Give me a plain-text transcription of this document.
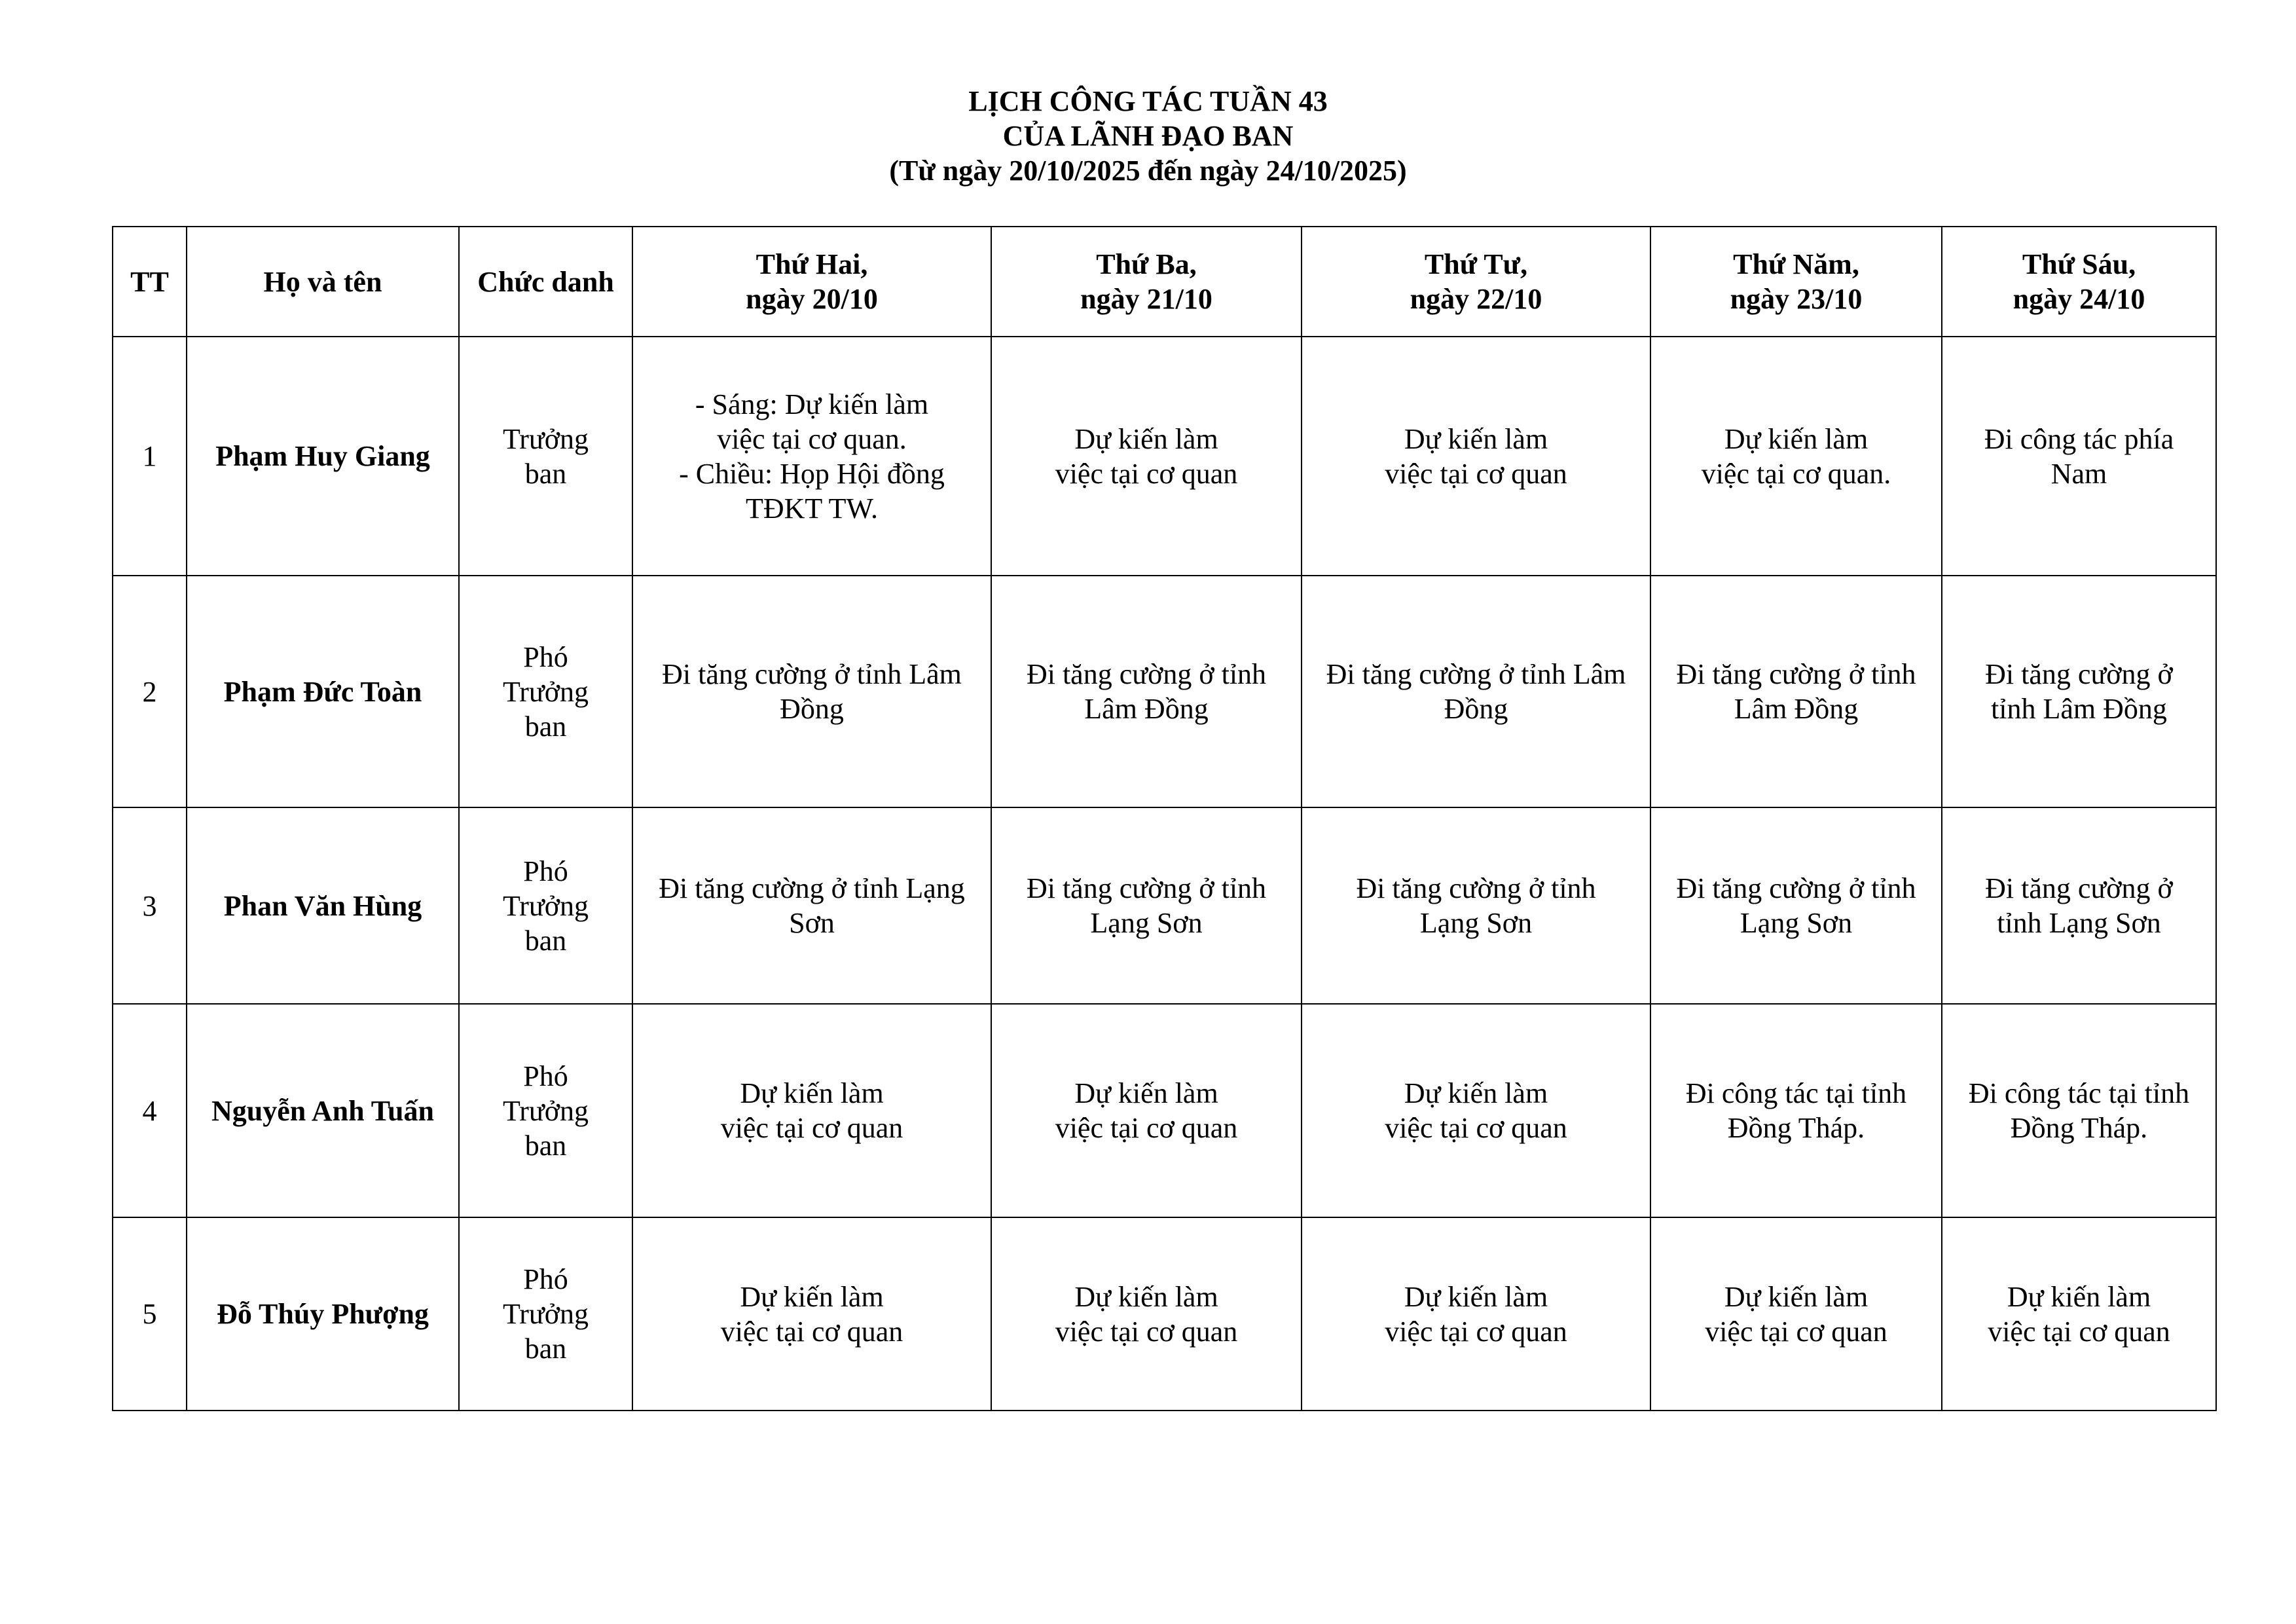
LỊCH CÔNG TÁC TUẦN 43
CỦA LÃNH ĐẠO BAN
(Từ ngày 20/10/2025 đến ngày 24/10/2025)
TT	Họ và tên	Chức danh	Thứ Hai,
ngày 20/10	Thứ Ba,
ngày 21/10	Thứ Tư,
ngày 22/10	Thứ Năm,
ngày 23/10	Thứ Sáu,
ngày 24/10

1	Phạm Huy Giang	Trưởng
ban	- Sáng: Dự kiến làm
việc tại cơ quan.
- Chiều: Họp Hội đồng
TĐKT TW.	Dự kiến làm
việc tại cơ quan	Dự kiến làm
việc tại cơ quan	Dự kiến làm
việc tại cơ quan.	Đi công tác phía
Nam
2	Phạm Đức Toàn	Phó
Trưởng
ban	Đi tăng cường ở tỉnh Lâm
Đồng	Đi tăng cường ở tỉnh
Lâm Đồng	Đi tăng cường ở tỉnh Lâm
Đồng	Đi tăng cường ở tỉnh
Lâm Đồng	Đi tăng cường ở
tỉnh Lâm Đồng
3	Phan Văn Hùng	Phó
Trưởng
ban	Đi tăng cường ở tỉnh Lạng
Sơn	Đi tăng cường ở tỉnh
Lạng Sơn	Đi tăng cường ở tỉnh
Lạng Sơn	Đi tăng cường ở tỉnh
Lạng Sơn	Đi tăng cường ở
tỉnh Lạng Sơn
4	Nguyễn Anh Tuấn	Phó
Trưởng
ban	Dự kiến làm
việc tại cơ quan	Dự kiến làm
việc tại cơ quan	Dự kiến làm
việc tại cơ quan	Đi công tác tại tỉnh
Đồng Tháp.	Đi công tác tại tỉnh
Đồng Tháp.
5	Đỗ Thúy Phượng	Phó
Trưởng
ban	Dự kiến làm
việc tại cơ quan	Dự kiến làm
việc tại cơ quan	Dự kiến làm
việc tại cơ quan	Dự kiến làm
việc tại cơ quan	Dự kiến làm
việc tại cơ quan
